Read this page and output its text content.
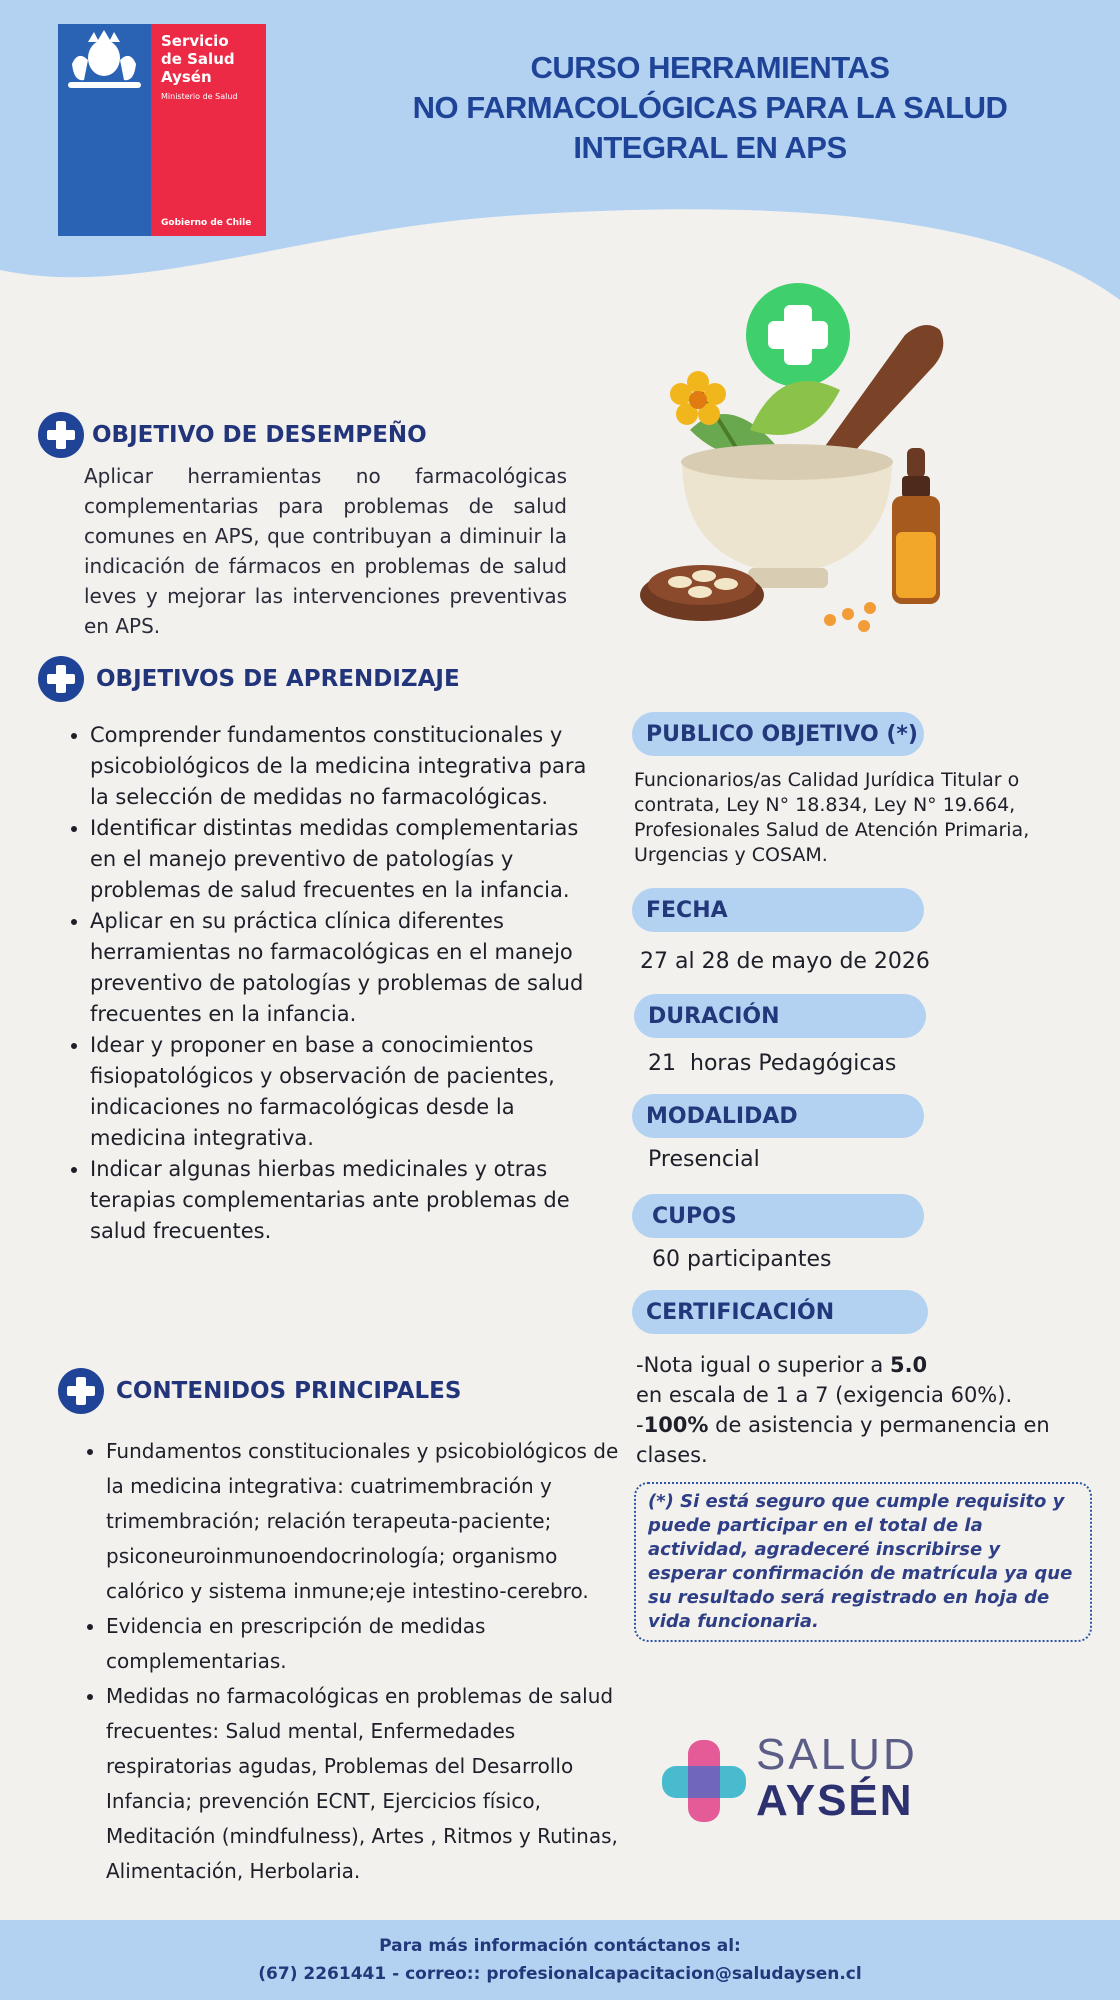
Servicio
de Salud
Aysén
Ministerio de Salud
Gobierno de Chile
CURSO HERRAMIENTAS
NO FARMACOLÓGICAS PARA LA SALUD
INTEGRAL EN APS
OBJETIVO DE DESEMPEÑO
Aplicar herramientas no farmacológicas complementarias para problemas de salud comunes en APS, que contribuyan a diminuir la indicación de fármacos en problemas de salud leves y mejorar las intervenciones preventivas en APS.
OBJETIVOS DE APRENDIZAJE
• Comprender fundamentos constitucionales y psicobiológicos de la medicina integrativa para la selección de medidas no farmacológicas.
• Identificar distintas medidas complementarias en el manejo preventivo de patologías y problemas de salud frecuentes en la infancia.
• Aplicar en su práctica clínica diferentes herramientas no farmacológicas en el manejo preventivo de patologías y problemas de salud frecuentes en la infancia.
• Idear y proponer en base a conocimientos fisiopatológicos y observación de pacientes, indicaciones no farmacológicas desde la medicina integrativa.
• Indicar algunas hierbas medicinales y otras terapias complementarias ante problemas de salud frecuentes.
CONTENIDOS PRINCIPALES
• Fundamentos constitucionales y psicobiológicos de la medicina integrativa: cuatrimembración y trimembración; relación terapeuta-paciente; psiconeuroinmunoendocrinología; organismo calórico y sistema inmune;eje intestino-cerebro.
• Evidencia en prescripción de medidas complementarias.
• Medidas no farmacológicas en problemas de salud frecuentes: Salud mental, Enfermedades respiratorias agudas, Problemas del Desarrollo Infancia; prevención ECNT, Ejercicios físico, Meditación (mindfulness), Artes , Ritmos y Rutinas, Alimentación, Herbolaria.
PUBLICO OBJETIVO (*)
Funcionarios/as Calidad Jurídica Titular o contrata, Ley N° 18.834, Ley N° 19.664, Profesionales Salud de Atención Primaria, Urgencias y COSAM.
FECHA
27 al 28 de mayo de 2026
DURACIÓN
21 horas Pedagógicas
MODALIDAD
Presencial
CUPOS
60 participantes
CERTIFICACIÓN
-Nota igual o superior a 5.0
en escala de 1 a 7 (exigencia 60%).
-100% de asistencia y permanencia en clases.
(*) Si está seguro que cumple requisito y puede participar en el total de la actividad, agradeceré inscribirse y esperar confirmación de matrícula ya que su resultado será registrado en hoja de vida funcionaria.
SALUD
AYSÉN
Para más información contáctanos al:
(67) 2261441 - correo:: profesionalcapacitacion@saludaysen.cl
